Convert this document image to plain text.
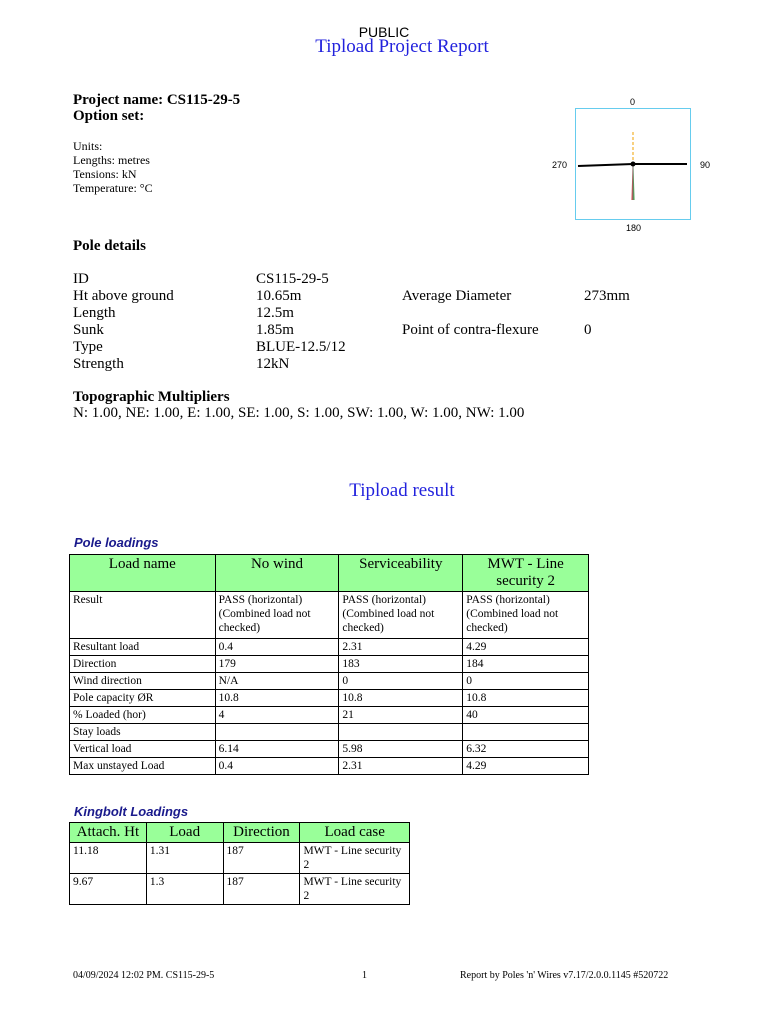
PUBLIC
Tipload Project Report
Project name: CS115-29-5
Option set:
Units:
Lengths: metres
Tensions: kN
Temperature: °C
0
90
180
270
Pole details
ID	CS115-29-5
Ht above ground	10.65m	Average Diameter	273mm
Length	12.5m
Sunk	1.85m	Point of contra-flexure	0
Type	BLUE-12.5/12
Strength	12kN
Topographic Multipliers
N: 1.00, NE: 1.00, E: 1.00, SE: 1.00, S: 1.00, SW: 1.00, W: 1.00, NW: 1.00
Tipload result
Pole loadings
Load name	No wind	Serviceability	MWT - Line security 2
Result	PASS (horizontal) (Combined load not checked)	PASS (horizontal) (Combined load not checked)	PASS (horizontal) (Combined load not checked)
Resultant load	0.4	2.31	4.29
Direction	179	183	184
Wind direction	N/A	0	0
Pole capacity ØR	10.8	10.8	10.8
% Loaded (hor)	4	21	40
Stay loads			
Vertical load	6.14	5.98	6.32
Max unstayed Load	0.4	2.31	4.29
Kingbolt Loadings
Attach. Ht	Load	Direction	Load case
11.18	1.31	187	MWT - Line security 2
9.67	1.3	187	MWT - Line security 2
04/09/2024 12:02 PM. CS115-29-5	1	Report by Poles 'n' Wires v7.17/2.0.0.1145 #520722
